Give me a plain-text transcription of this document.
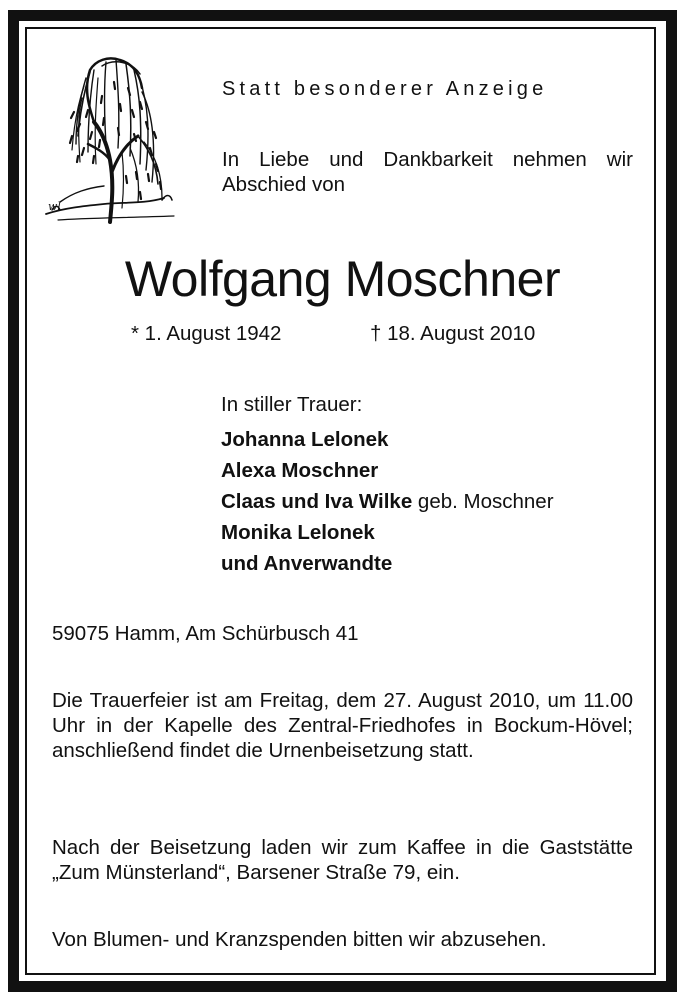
wl
Statt besonderer Anzeige
In Liebe und Dankbarkeit nehmen wir Abschied von
Wolfgang Moschner
* 1. August 1942	† 18. August 2010
In stiller Trauer:
Johanna Lelonek
Alexa Moschner
Claas und Iva Wilke geb. Moschner
Monika Lelonek
und Anverwandte
59075 Hamm, Am Schürbusch 41
Die Trauerfeier ist am Freitag, dem 27. August 2010, um 11.00 Uhr in der Kapelle des Zentral-Friedhofes in Bockum-Hövel; anschließend findet die Urnenbeisetzung statt.
Nach der Beisetzung laden wir zum Kaffee in die Gaststätte „Zum Münsterland“, Barsener Straße 79, ein.
Von Blumen- und Kranzspenden bitten wir abzusehen.
